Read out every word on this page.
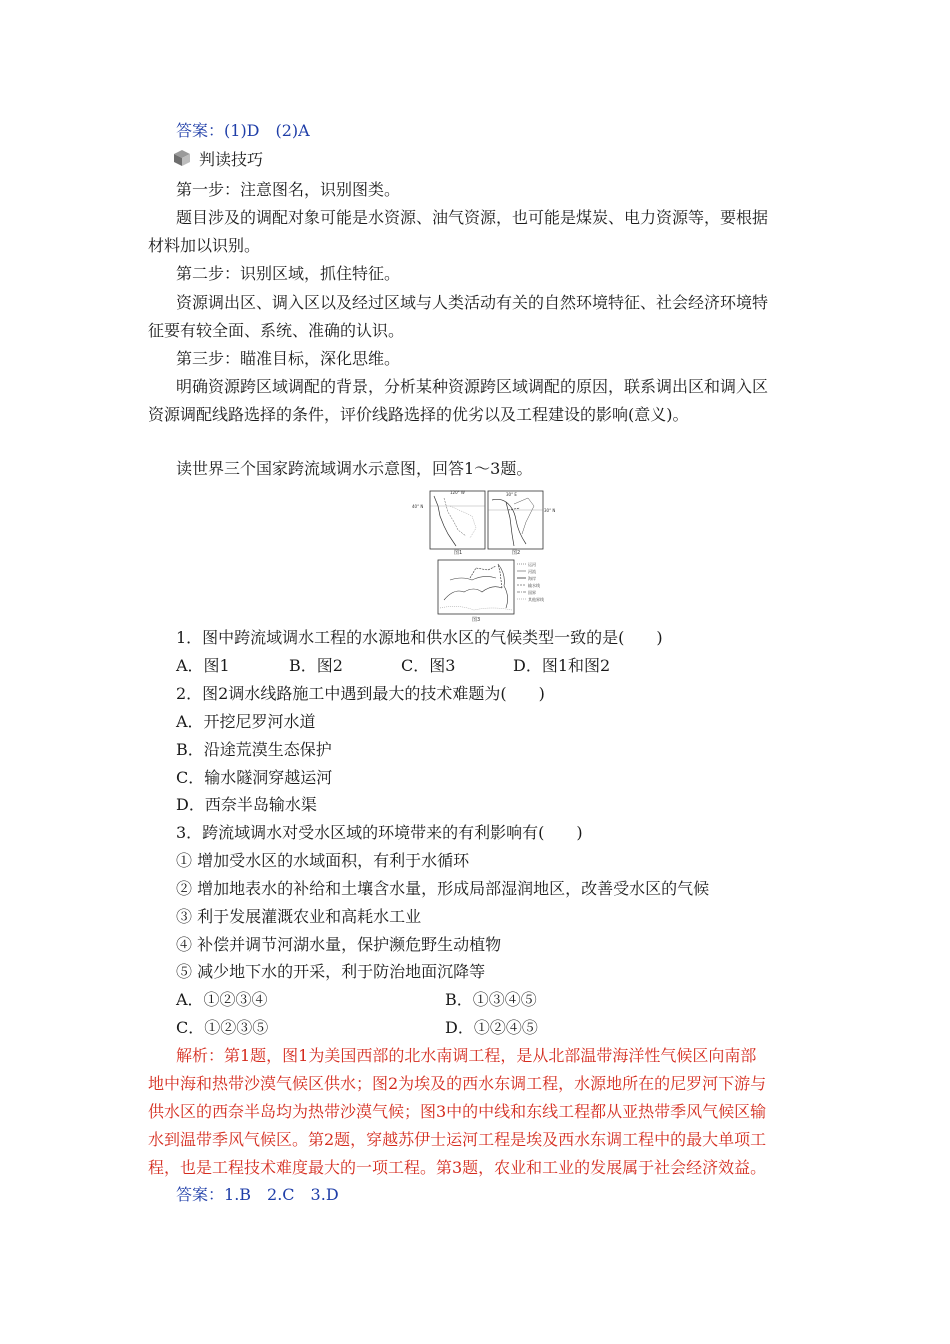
答案：(1)D　(2)A
判读技巧
第一步：注意图名，识别图类。
题目涉及的调配对象可能是水资源、油气资源，也可能是煤炭、电力资源等，要根据
材料加以识别。
第二步：识别区域，抓住特征。
资源调出区、调入区以及经过区域与人类活动有关的自然环境特征、社会经济环境特
征要有较全面、系统、准确的认识。
第三步：瞄准目标，深化思维。
明确资源跨区域调配的背景，分析某种资源跨区域调配的原因，联系调出区和调入区
资源调配线路选择的条件，评价线路选择的优劣以及工程建设的影响(意义)。
读世界三个国家跨流域调水示意图，回答1～3题。
120° W
40° N
图1
30° E
30° N
图2
图3
运河
河流
海岸
输水线
国界
其他界线
1．图中跨流域调水工程的水源地和供水区的气候类型一致的是(　　)
A．图1	B．图2	C．图3	D．图1和图2
2．图2调水线路施工中遇到最大的技术难题为(　　)
A．开挖尼罗河水道
B．沿途荒漠生态保护
C．输水隧洞穿越运河
D．西奈半岛输水渠
3．跨流域调水对受水区域的环境带来的有利影响有(　　)
① 增加受水区的水域面积，有利于水循环
② 增加地表水的补给和土壤含水量，形成局部湿润地区，改善受水区的气候
③ 利于发展灌溉农业和高耗水工业
④ 补偿并调节河湖水量，保护濒危野生动植物
⑤ 减少地下水的开采，利于防治地面沉降等
A．①②③④	B．①③④⑤
C．①②③⑤	D．①②④⑤
解析：第1题，图1为美国西部的北水南调工程，是从北部温带海洋性气候区向南部
地中海和热带沙漠气候区供水；图2为埃及的西水东调工程，水源地所在的尼罗河下游与
供水区的西奈半岛均为热带沙漠气候；图3中的中线和东线工程都从亚热带季风气候区输
水到温带季风气候区。第2题，穿越苏伊士运河工程是埃及西水东调工程中的最大单项工
程，也是工程技术难度最大的一项工程。第3题，农业和工业的发展属于社会经济效益。
答案：1.B　2.C　3.D
